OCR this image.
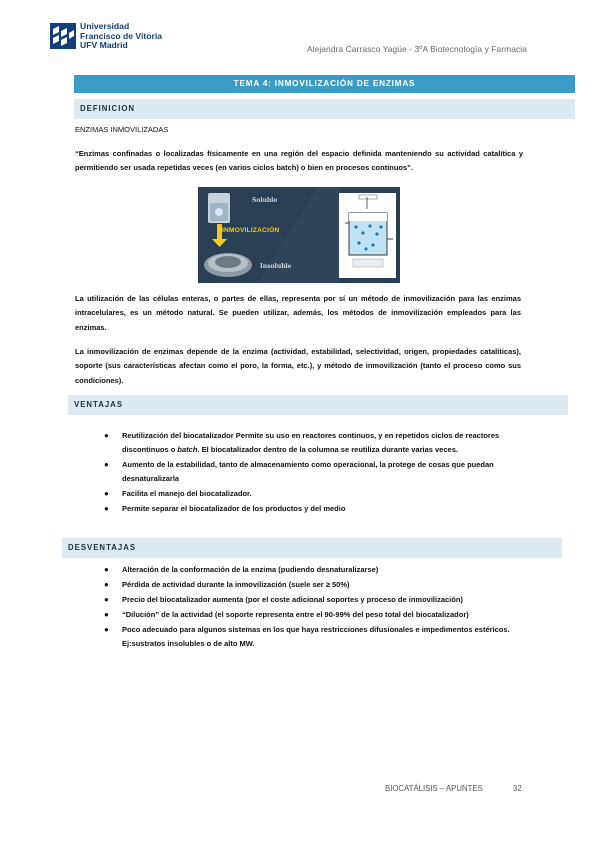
Universidad
Francisco de Vitoria
UFV Madrid	Alejandra Carrasco Yagüe - 3ºA Biotecnología y Farmacia
TEMA 4: INMOVILIZACIÓN DE ENZIMAS
DEFINICION
ENZIMAS INMOVILIZADAS
“Enzimas confinadas o localizadas físicamente en una región del espacio definida manteniendo su actividad catalítica y permitiendo ser usada repetidas veces (en varios ciclos batch) o bien en procesos continuos”.
Soluble
INMOVILIZACIÓN
Insoluble
La utilización de las células enteras, o partes de ellas, representa por sí un método de inmovilización para las enzimas intracelulares, es un método natural. Se pueden utilizar, además, los métodos de inmovilización empleados para las enzimas.
La inmovilización de enzimas depende de la enzima (actividad, estabilidad, selectividad, origen, propiedades catalíticas), soporte (sus características afectan como el poro, la forma, etc.), y método de inmovilización (tanto el proceso como sus condiciones).
VENTAJAS
● Reutilización del biocatalizador Permite su uso en reactores continuos, y en repetidos ciclos de reactores discontinuos o batch. El biocatalizador dentro de la columna se reutiliza durante varias veces.
● Aumento de la estabilidad, tanto de almacenamiento como operacional, la protege de cosas que puedan desnaturalizarla
● Facilita el manejo del biocatalizador.
● Permite separar el biocatalizador de los productos y del medio
DESVENTAJAS
● Alteración de la conformación de la enzima (pudiendo desnaturalizarse)
● Pérdida de actividad durante la inmovilización (suele ser ≥ 50%)
● Precio del biocatalizador aumenta (por el coste adicional soportes y proceso de inmovilización)
● “Dilución” de la actividad (el soporte representa entre el 90-99% del peso total del biocatalizador)
● Poco adecuado para algunos sistemas en los que haya restricciones difusionales e impedimentos estéricos. Ej:sustratos insolubles o de alto MW.
BIOCATÁLISIS – APUNTES	32
